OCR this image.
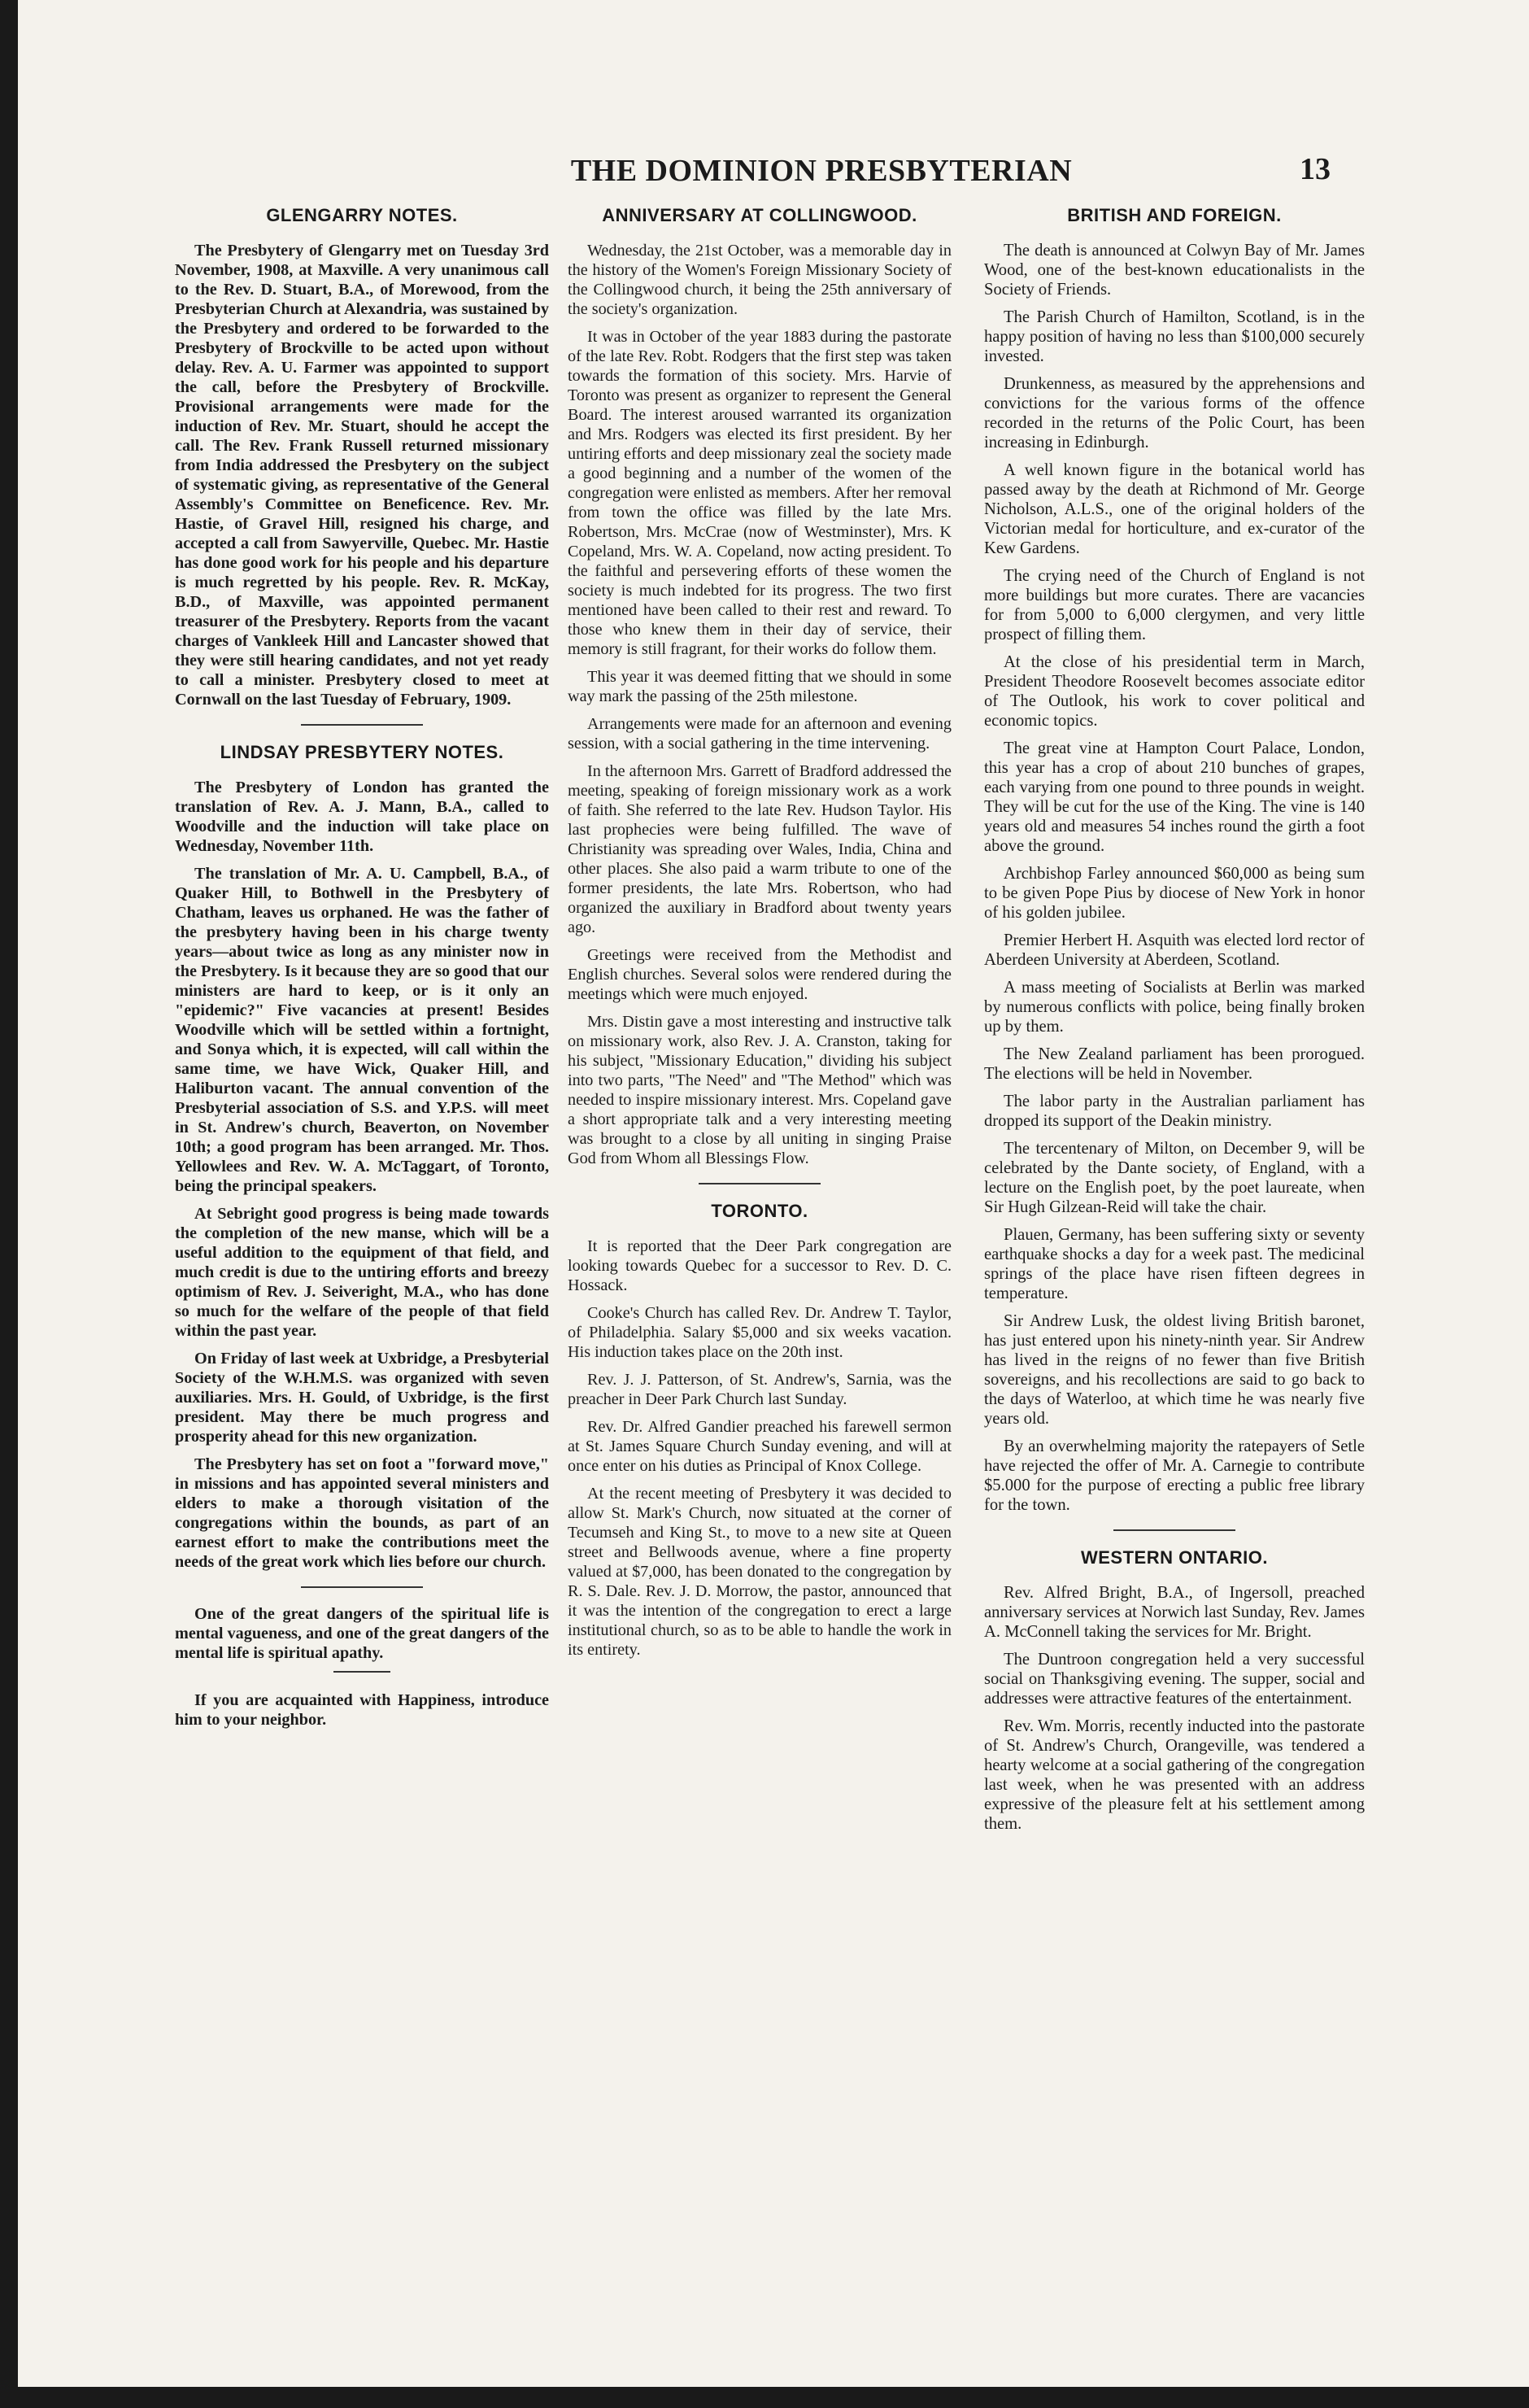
THE DOMINION PRESBYTERIAN	13
GLENGARRY NOTES.

The Presbytery of Glengarry met on Tuesday 3rd November, 1908, at Maxville. A very unanimous call to the Rev. D. Stuart, B.A., of Morewood, from the Presbyterian Church at Alexandria, was sustained by the Presbytery and ordered to be forwarded to the Presbytery of Brockville to be acted upon without delay. Rev. A. U. Farmer was appointed to support the call, before the Presbytery of Brockville. Provisional arrangements were made for the induction of Rev. Mr. Stuart, should he accept the call. The Rev. Frank Russell returned missionary from India addressed the Presbytery on the subject of systematic giving, as representative of the General Assembly's Committee on Beneficence. Rev. Mr. Hastie, of Gravel Hill, resigned his charge, and accepted a call from Sawyerville, Quebec. Mr. Hastie has done good work for his people and his departure is much regretted by his people. Rev. R. McKay, B.D., of Maxville, was appointed permanent treasurer of the Presbytery. Reports from the vacant charges of Vankleek Hill and Lancaster showed that they were still hearing candidates, and not yet ready to call a minister. Presbytery closed to meet at Cornwall on the last Tuesday of February, 1909.

LINDSAY PRESBYTERY NOTES.

The Presbytery of London has granted the translation of Rev. A. J. Mann, B.A., called to Woodville and the induction will take place on Wednesday, November 11th.

The translation of Mr. A. U. Campbell, B.A., of Quaker Hill, to Bothwell in the Presbytery of Chatham, leaves us orphaned. He was the father of the presbytery having been in his charge twenty years—about twice as long as any minister now in the Presbytery. Is it because they are so good that our ministers are hard to keep, or is it only an "epidemic?" Five vacancies at present! Besides Woodville which will be settled within a fortnight, and Sonya which, it is expected, will call within the same time, we have Wick, Quaker Hill, and Haliburton vacant. The annual convention of the Presbyterial association of S.S. and Y.P.S. will meet in St. Andrew's church, Beaverton, on November 10th; a good program has been arranged. Mr. Thos. Yellowlees and Rev. W. A. McTaggart, of Toronto, being the principal speakers.

At Sebright good progress is being made towards the completion of the new manse, which will be a useful addition to the equipment of that field, and much credit is due to the untiring efforts and breezy optimism of Rev. J. Seiveright, M.A., who has done so much for the welfare of the people of that field within the past year.

On Friday of last week at Uxbridge, a Presbyterial Society of the W.H.M.S. was organized with seven auxiliaries. Mrs. H. Gould, of Uxbridge, is the first president. May there be much progress and prosperity ahead for this new organization.

The Presbytery has set on foot a "forward move," in missions and has appointed several ministers and elders to make a thorough visitation of the congregations within the bounds, as part of an earnest effort to make the contributions meet the needs of the great work which lies before our church.

One of the great dangers of the spiritual life is mental vagueness, and one of the great dangers of the mental life is spiritual apathy.

If you are acquainted with Happiness, introduce him to your neighbor.

ANNIVERSARY AT COLLINGWOOD.

Wednesday, the 21st October, was a memorable day in the history of the Women's Foreign Missionary Society of the Collingwood church, it being the 25th anniversary of the society's organization.

It was in October of the year 1883 during the pastorate of the late Rev. Robt. Rodgers that the first step was taken towards the formation of this society. Mrs. Harvie of Toronto was present as organizer to represent the General Board. The interest aroused warranted its organization and Mrs. Rodgers was elected its first president. By her untiring efforts and deep missionary zeal the society made a good beginning and a number of the women of the congregation were enlisted as members. After her removal from town the office was filled by the late Mrs. Robertson, Mrs. McCrae (now of Westminster), Mrs. K Copeland, Mrs. W. A. Copeland, now acting president. To the faithful and persevering efforts of these women the society is much indebted for its progress. The two first mentioned have been called to their rest and reward. To those who knew them in their day of service, their memory is still fragrant, for their works do follow them.

This year it was deemed fitting that we should in some way mark the passing of the 25th milestone.

Arrangements were made for an afternoon and evening session, with a social gathering in the time intervening.

In the afternoon Mrs. Garrett of Bradford addressed the meeting, speaking of foreign missionary work as a work of faith. She referred to the late Rev. Hudson Taylor. His last prophecies were being fulfilled. The wave of Christianity was spreading over Wales, India, China and other places. She also paid a warm tribute to one of the former presidents, the late Mrs. Robertson, who had organized the auxiliary in Bradford about twenty years ago.

Greetings were received from the Methodist and English churches. Several solos were rendered during the meetings which were much enjoyed.

Mrs. Distin gave a most interesting and instructive talk on missionary work, also Rev. J. A. Cranston, taking for his subject, "Missionary Education," dividing his subject into two parts, "The Need" and "The Method" which was needed to inspire missionary interest. Mrs. Copeland gave a short appropriate talk and a very interesting meeting was brought to a close by all uniting in singing Praise God from Whom all Blessings Flow.

TORONTO.

It is reported that the Deer Park congregation are looking towards Quebec for a successor to Rev. D. C. Hossack.

Cooke's Church has called Rev. Dr. Andrew T. Taylor, of Philadelphia. Salary $5,000 and six weeks vacation. His induction takes place on the 20th inst.

Rev. J. J. Patterson, of St. Andrew's, Sarnia, was the preacher in Deer Park Church last Sunday.

Rev. Dr. Alfred Gandier preached his farewell sermon at St. James Square Church Sunday evening, and will at once enter on his duties as Principal of Knox College.

At the recent meeting of Presbytery it was decided to allow St. Mark's Church, now situated at the corner of Tecumseh and King St., to move to a new site at Queen street and Bellwoods avenue, where a fine property valued at $7,000, has been donated to the congregation by R. S. Dale. Rev. J. D. Morrow, the pastor, announced that it was the intention of the congregation to erect a large institutional church, so as to be able to handle the work in its entirety.

BRITISH AND FOREIGN.

The death is announced at Colwyn Bay of Mr. James Wood, one of the best-known educationalists in the Society of Friends.

The Parish Church of Hamilton, Scotland, is in the happy position of having no less than $100,000 securely invested.

Drunkenness, as measured by the apprehensions and convictions for the various forms of the offence recorded in the returns of the Polic Court, has been increasing in Edinburgh.

A well known figure in the botanical world has passed away by the death at Richmond of Mr. George Nicholson, A.L.S., one of the original holders of the Victorian medal for horticulture, and ex-curator of the Kew Gardens.

The crying need of the Church of England is not more buildings but more curates. There are vacancies for from 5,000 to 6,000 clergymen, and very little prospect of filling them.

At the close of his presidential term in March, President Theodore Roosevelt becomes associate editor of The Outlook, his work to cover political and economic topics.

The great vine at Hampton Court Palace, London, this year has a crop of about 210 bunches of grapes, each varying from one pound to three pounds in weight. They will be cut for the use of the King. The vine is 140 years old and measures 54 inches round the girth a foot above the ground.

Archbishop Farley announced $60,000 as being sum to be given Pope Pius by diocese of New York in honor of his golden jubilee.

Premier Herbert H. Asquith was elected lord rector of Aberdeen University at Aberdeen, Scotland.

A mass meeting of Socialists at Berlin was marked by numerous conflicts with police, being finally broken up by them.

The New Zealand parliament has been prorogued. The elections will be held in November.

The labor party in the Australian parliament has dropped its support of the Deakin ministry.

The tercentenary of Milton, on December 9, will be celebrated by the Dante society, of England, with a lecture on the English poet, by the poet laureate, when Sir Hugh Gilzean-Reid will take the chair.

Plauen, Germany, has been suffering sixty or seventy earthquake shocks a day for a week past. The medicinal springs of the place have risen fifteen degrees in temperature.

Sir Andrew Lusk, the oldest living British baronet, has just entered upon his ninety-ninth year. Sir Andrew has lived in the reigns of no fewer than five British sovereigns, and his recollections are said to go back to the days of Waterloo, at which time he was nearly five years old.

By an overwhelming majority the ratepayers of Setle have rejected the offer of Mr. A. Carnegie to contribute $5.000 for the purpose of erecting a public free library for the town.

WESTERN ONTARIO.

Rev. Alfred Bright, B.A., of Ingersoll, preached anniversary services at Norwich last Sunday, Rev. James A. McConnell taking the services for Mr. Bright.

The Duntroon congregation held a very successful social on Thanksgiving evening. The supper, social and addresses were attractive features of the entertainment.

Rev. Wm. Morris, recently inducted into the pastorate of St. Andrew's Church, Orangeville, was tendered a hearty welcome at a social gathering of the congregation last week, when he was presented with an address expressive of the pleasure felt at his settlement among them.
